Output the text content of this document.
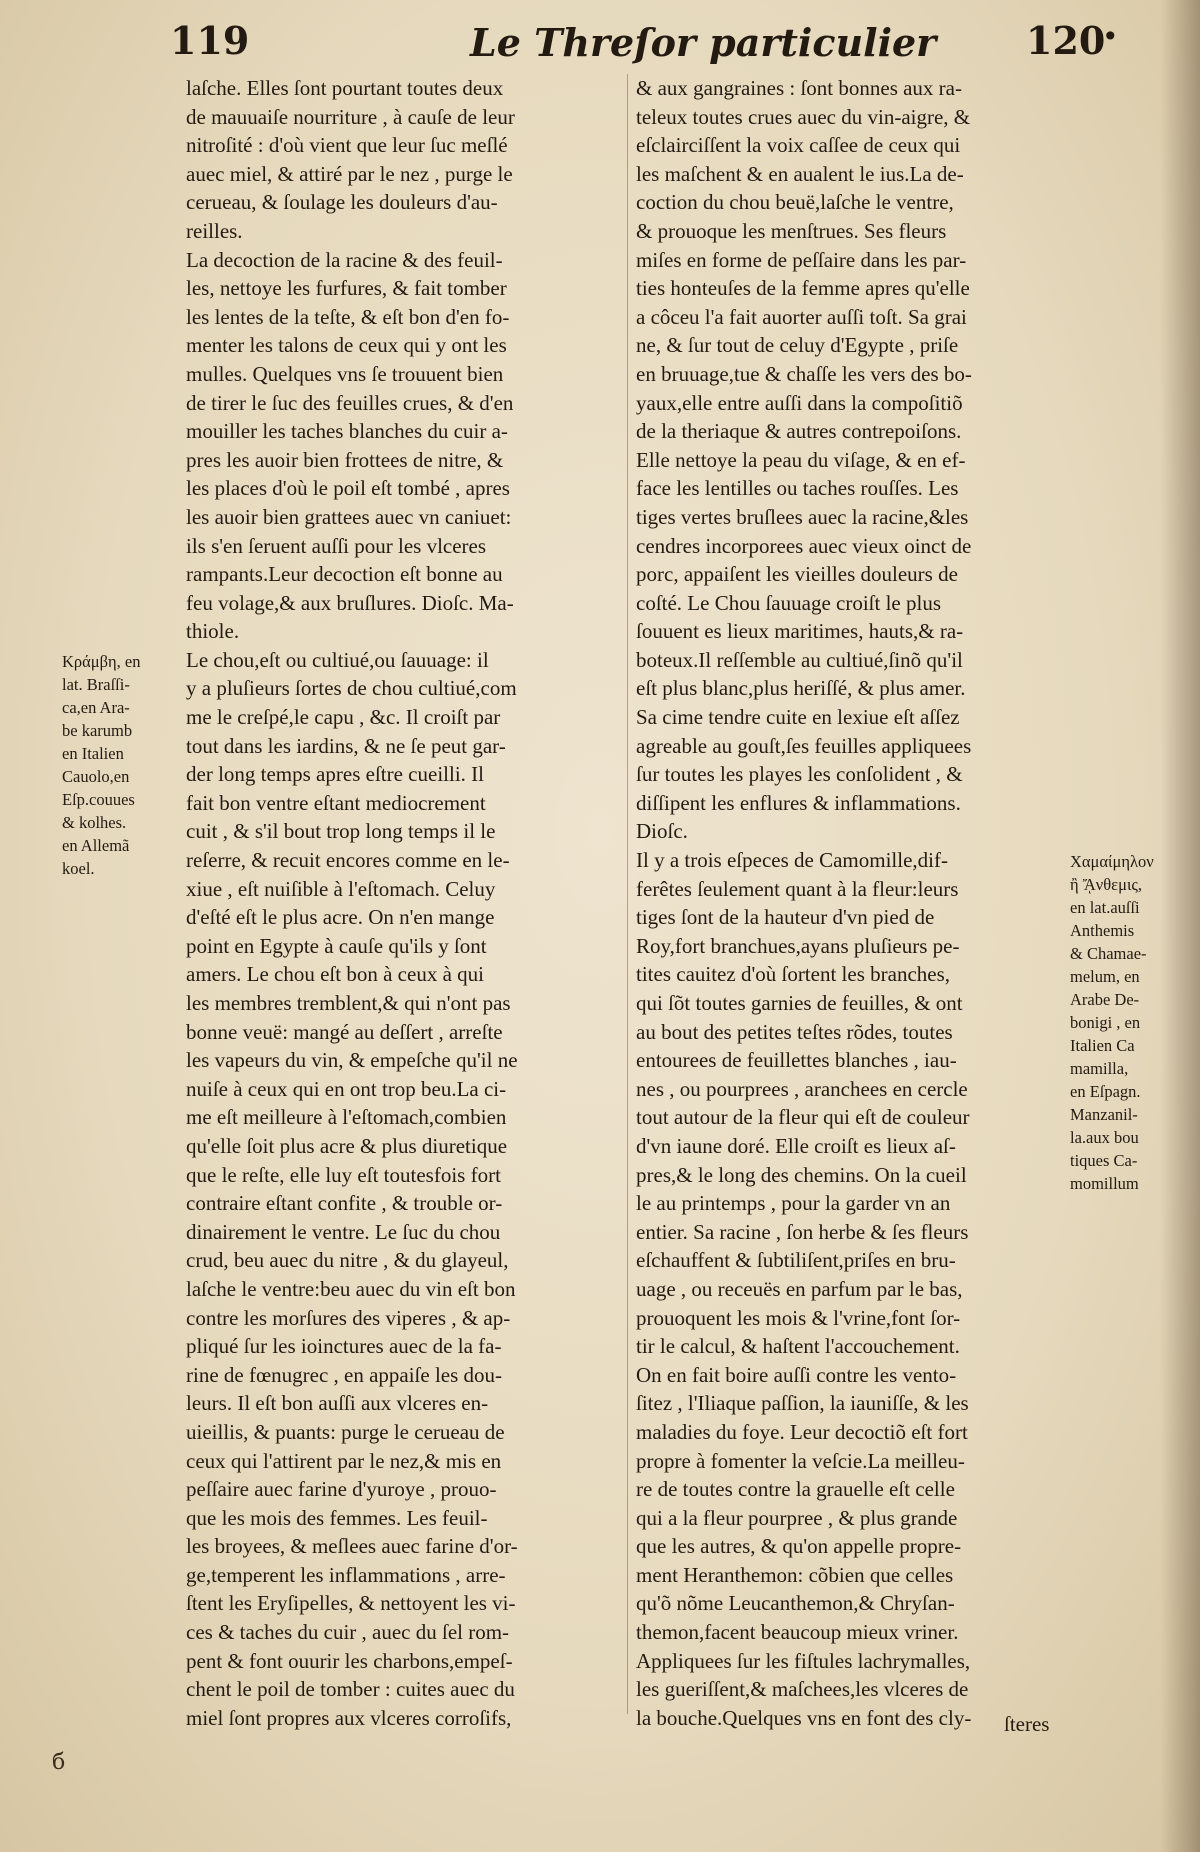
119	Le Threſor particulier 120
•
Κράμβη, en
lat. Braſſi-
ca,en Ara-
be karumb
en Italien
Cauolo,en
Eſp.couues
& kolhes.
en Allemã
koel.
laſche. Elles ſont pourtant toutes deux
de mauuaiſe nourriture , à cauſe de leur
nitroſité : d'où vient que leur ſuc meſlé
auec miel, & attiré par le nez , purge le
cerueau, & ſoulage les douleurs d'au-
reilles.
La decoction de la racine & des feuil-
les, nettoye les furfures, & fait tomber
les lentes de la teſte, & eſt bon d'en fo-
menter les talons de ceux qui y ont les
mulles. Quelques vns ſe trouuent bien
de tirer le ſuc des feuilles crues, & d'en
mouiller les taches blanches du cuir a-
pres les auoir bien frottees de nitre, &
les places d'où le poil eſt tombé , apres
les auoir bien grattees auec vn caniuet:
ils s'en ſeruent auſſi pour les vlceres
rampants.Leur decoction eſt bonne au
feu volage,& aux bruſlures. Dioſc. Ma-
thiole.
Le chou,eſt ou cultiué,ou ſauuage: il
y a pluſieurs ſortes de chou cultiué,com
me le creſpé,le capu , &c. Il croiſt par
tout dans les iardins, & ne ſe peut gar-
der long temps apres eſtre cueilli. Il
fait bon ventre eſtant mediocrement
cuit , & s'il bout trop long temps il le
reſerre, & recuit encores comme en le-
xiue , eſt nuiſible à l'eſtomach. Celuy
d'eſté eſt le plus acre. On n'en mange
point en Egypte à cauſe qu'ils y ſont
amers. Le chou eſt bon à ceux à qui
les membres tremblent,& qui n'ont pas
bonne veuë: mangé au deſſert , arreſte
les vapeurs du vin, & empeſche qu'il ne
nuiſe à ceux qui en ont trop beu.La ci-
me eſt meilleure à l'eſtomach,combien
qu'elle ſoit plus acre & plus diuretique
que le reſte, elle luy eſt toutesfois fort
contraire eſtant confite , & trouble or-
dinairement le ventre. Le ſuc du chou
crud, beu auec du nitre , & du glayeul,
laſche le ventre:beu auec du vin eſt bon
contre les morſures des viperes , & ap-
pliqué ſur les ioinctures auec de la fa-
rine de fœnugrec , en appaiſe les dou-
leurs. Il eſt bon auſſi aux vlceres en-
uieillis, & puants: purge le cerueau de
ceux qui l'attirent par le nez,& mis en
peſſaire auec farine d'yuroye , prouo-
que les mois des femmes. Les feuil-
les broyees, & meſlees auec farine d'or-
ge,temperent les inflammations , arre-
ſtent les Eryſipelles, & nettoyent les vi-
ces & taches du cuir , auec du ſel rom-
pent & font ouurir les charbons,empeſ-
chent le poil de tomber : cuites auec du
miel ſont propres aux vlceres corroſifs,
& aux gangraines : ſont bonnes aux ra-
teleux toutes crues auec du vin-aigre, &
eſclairciſſent la voix caſſee de ceux qui
les maſchent & en aualent le ius.La de-
coction du chou beuë,laſche le ventre,
& prouoque les menſtrues. Ses fleurs
miſes en forme de peſſaire dans les par-
ties honteuſes de la femme apres qu'elle
a côceu l'a fait auorter auſſi toſt. Sa grai
ne, & ſur tout de celuy d'Egypte , priſe
en bruuage,tue & chaſſe les vers des bo-
yaux,elle entre auſſi dans la compoſitiõ
de la theriaque & autres contrepoiſons.
Elle nettoye la peau du viſage, & en ef-
face les lentilles ou taches rouſſes. Les
tiges vertes bruſlees auec la racine,&les
cendres incorporees auec vieux oinct de
porc, appaiſent les vieilles douleurs de
coſté. Le Chou ſauuage croiſt le plus
ſouuent es lieux maritimes, hauts,& ra-
boteux.Il reſſemble au cultiué,ſinõ qu'il
eſt plus blanc,plus heriſſé, & plus amer.
Sa cime tendre cuite en lexiue eſt aſſez
agreable au gouſt,ſes feuilles appliquees
ſur toutes les playes les conſolident , &
diſſipent les enflures & inflammations.
Dioſc.
Il y a trois eſpeces de Camomille,dif-
ferêtes ſeulement quant à la fleur:leurs
tiges ſont de la hauteur d'vn pied de
Roy,fort branchues,ayans pluſieurs pe-
tites cauitez d'où ſortent les branches,
qui ſõt toutes garnies de feuilles, & ont
au bout des petites teſtes rõdes, toutes
entourees de feuillettes blanches , iau-
nes , ou pourprees , aranchees en cercle
tout autour de la fleur qui eſt de couleur
d'vn iaune doré. Elle croiſt es lieux aſ-
pres,& le long des chemins. On la cueil
le au printemps , pour la garder vn an
entier. Sa racine , ſon herbe & ſes fleurs
eſchauffent & ſubtiliſent,priſes en bru-
uage , ou receuës en parfum par le bas,
prouoquent les mois & l'vrine,font ſor-
tir le calcul, & haſtent l'accouchement.
On en fait boire auſſi contre les vento-
ſitez , l'Iliaque paſſion, la iauniſſe, & les
maladies du foye. Leur decoctiõ eſt fort
propre à fomenter la veſcie.La meilleu-
re de toutes contre la grauelle eſt celle
qui a la fleur pourpree , & plus grande
que les autres, & qu'on appelle propre-
ment Heranthemon: cõbien que celles
qu'õ nõme Leucanthemon,& Chryſan-
themon,facent beaucoup mieux vriner.
Appliquees ſur les fiſtules lachrymalles,
les gueriſſent,& maſchees,les vlceres de
la bouche.Quelques vns en font des cly-
Χαμαίμηλον
ἢ ᾌνθεμις,
en lat.auſſi
Anthemis
& Chamae-
melum, en
Arabe De-
bonigi , en
Italien Ca
mamilla,
en Eſpagn.
Manzanil-
la.aux bou
tiques Ca-
momillum
ſteres
б
